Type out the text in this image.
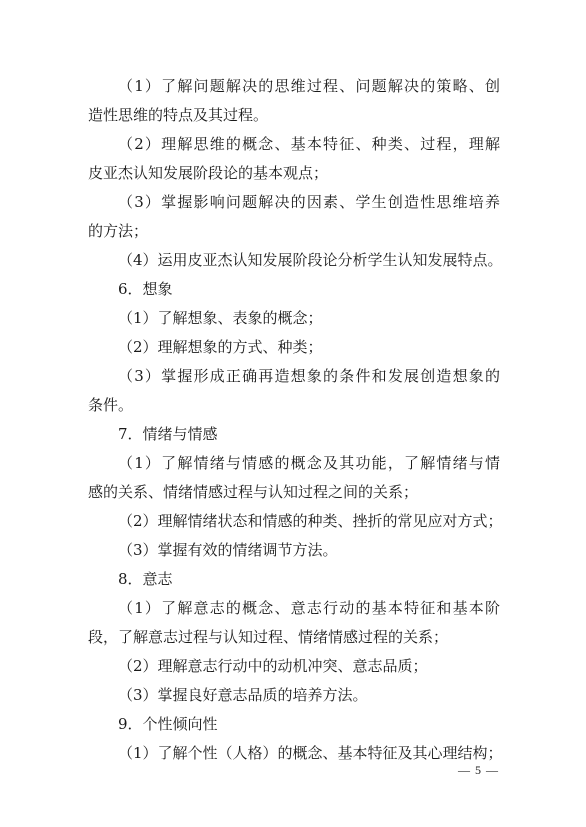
（1）了解问题解决的思维过程、问题解决的策略、创
造性思维的特点及其过程。
（2）理解思维的概念、基本特征、种类、过程，理解
皮亚杰认知发展阶段论的基本观点；
（3）掌握影响问题解决的因素、学生创造性思维培养
的方法；
（4）运用皮亚杰认知发展阶段论分析学生认知发展特点。
6．想象
（1）了解想象、表象的概念；
（2）理解想象的方式、种类；
（3）掌握形成正确再造想象的条件和发展创造想象的
条件。
7．情绪与情感
（1）了解情绪与情感的概念及其功能，了解情绪与情
感的关系、情绪情感过程与认知过程之间的关系；
（2）理解情绪状态和情感的种类、挫折的常见应对方式；
（3）掌握有效的情绪调节方法。
8．意志
（1）了解意志的概念、意志行动的基本特征和基本阶
段，了解意志过程与认知过程、情绪情感过程的关系；
（2）理解意志行动中的动机冲突、意志品质；
（3）掌握良好意志品质的培养方法。
9．个性倾向性
（1）了解个性（人格）的概念、基本特征及其心理结构；
— 5 —
